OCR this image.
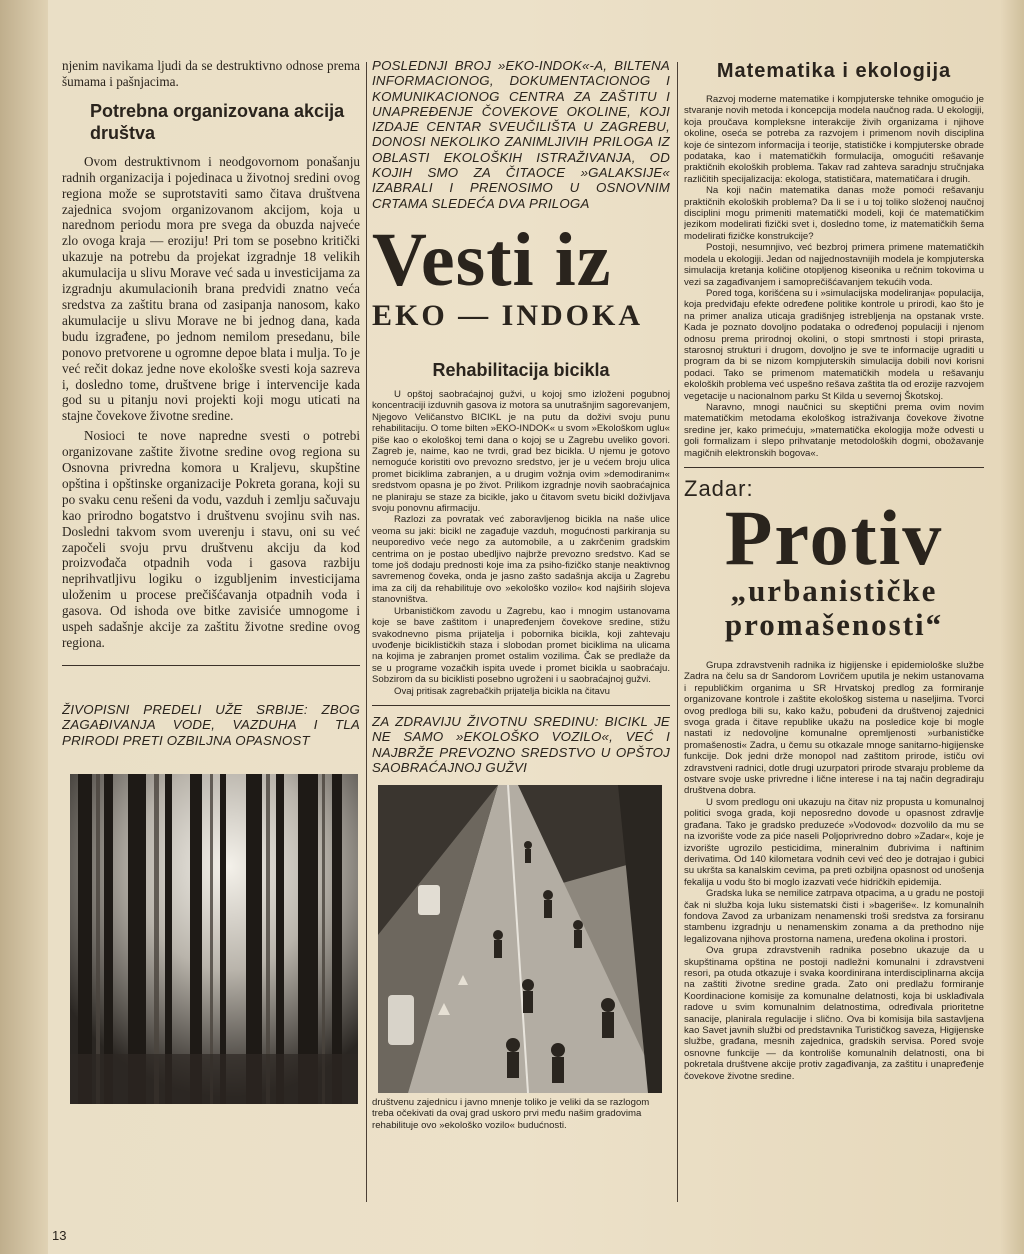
njenim navikama ljudi da se destruktivno odnose prema šumama i pašnjacima.

Potrebna organizovana akcija društva

Ovom destruktivnom i neodgovornom ponašanju radnih organizacija i pojedinaca u životnoj sredini ovog regiona može se suprotstaviti samo čitava društvena zajednica svojom organizovanom akcijom, koja u narednom periodu mora pre svega da obuzda najveće zlo ovoga kraja — eroziju! Pri tom se posebno kritički ukazuje na potrebu da projekat izgradnje 18 velikih akumulacija u slivu Morave već sada u investicijama za izgradnju akumulacionih brana predvidi znatno veća sredstva za zaštitu brana od zasipanja nanosom, kako akumulacije u slivu Morave ne bi jednog dana, kada budu izgrađene, po jednom nemilom presedanu, bile ponovo pretvorene u ogromne depoe blata i mulja. To je već rečit dokaz jedne nove ekološke svesti koja sazreva i, dosledno tome, društvene brige i intervencije kada god su u pitanju novi projekti koji mogu uticati na stajne čovekove životne sredine.

Nosioci te nove napredne svesti o potrebi organizovane zaštite životne sredine ovog regiona su Osnovna privredna komora u Kraljevu, skupštine opština i opštinske organizacije Pokreta gorana, koji su po svaku cenu rešeni da vodu, vazduh i zemlju sačuvaju kao prirodno bogatstvo i društvenu svojinu svih nas. Dosledni takvom svom uverenju i stavu, oni su već započeli svoju prvu društvenu akciju da kod proizvođača otpadnih voda i gasova razbiju neprihvatljivu logiku o izgubljenim investicijama uloženim u procese prečišćavanja otpadnih voda i gasova. Od ishoda ove bitke zavisiće umnogome i uspeh sadašnje akcije za zaštitu životne sredine ovog regiona.

ŽIVOPISNI PREDELI UŽE SRBIJE: ZBOG ZAGAĐIVANJA VODE, VAZDUHA I TLA PRIRODI PRETI OZBILJNA OPASNOST

POSLEDNJI BROJ »EKO-INDOK«-A, BILTENA INFORMACIONOG, DOKUMENTACIONOG I KOMUNIKACIONOG CENTRA ZA ZAŠTITU I UNAPREĐENJE ČOVEKOVE OKOLINE, KOJI IZDAJE CENTAR SVEUČILIŠTA U ZAGREBU, DONOSI NEKOLIKO ZANIMLJIVIH PRILOGA IZ OBLASTI EKOLOŠKIH ISTRAŽIVANJA, OD KOJIH SMO ZA ČITAOCE »GALAKSIJE« IZABRALI I PRENOSIMO U OSNOVNIM CRTAMA SLEDEĆA DVA PRILOGA

Vesti iz
EKO — INDOKA
Rehabilitacija bicikla

U opštoj saobraćajnoj gužvi, u kojoj smo izloženi pogubnoj koncentraciji izduvnih gasova iz motora sa unutrašnjim sagorevanjem, Njegovo Veličanstvo BICIKL je na putu da doživi svoju punu rehabilitaciju. O tome bilten »EKO-INDOK« u svom »Ekološkom uglu« piše kao o ekološkoj temi dana o kojoj se u Zagrebu uveliko govori. Zagreb je, naime, kao ne tvrdi, grad bez bicikla. U njemu je gotovo nemoguće koristiti ovo prevozno sredstvo, jer je u većem broju ulica promet biciklima zabranjen, a u drugim vožnja ovim »demodiranim« sredstvom opasna je po život. Prilikom izgradnje novih saobraćajnica ne planiraju se staze za bicikle, jako u čitavom svetu bicikl doživljava svoju ponovnu afirmaciju.

Razlozi za povratak već zaboravljenog bicikla na naše ulice veoma su jaki: bicikl ne zagađuje vazduh, mogućnosti parkiranja su neuporedivo veće nego za automobile, a u zakrčenim gradskim centrima on je postao ubedljivo najbrže prevozno sredstvo. Kad se tome još dodaju prednosti koje ima za psiho-fizičko stanje neaktivnog savremenog čoveka, onda je jasno zašto sadašnja akcija u Zagrebu ima za cilj da rehabilituje ovo »ekološko vozilo« kod najširih slojeva stanovništva.

Urbanističkom zavodu u Zagrebu, kao i mnogim ustanovama koje se bave zaštitom i unapređenjem čovekove sredine, stižu svakodnevno pisma prijatelja i pobornika bicikla, koji zahtevaju uvođenje biciklističkih staza i slobodan promet biciklima na ulicama na kojima je zabranjen promet ostalim vozilima. Čak se predlaže da se u programe vozačkih ispita uvede i promet bicikla u saobraćaju. Sobzirom da su biciklisti posebno ugroženi i u saobraćajnoj gužvi.

Ovaj pritisak zagrebačkih prijatelja bicikla na čitavu

ZA ZDRAVIJU ŽIVOTNU SREDINU: BICIKL JE NE SAMO »EKOLOŠKO VOZILO«, VEĆ I NAJBRŽE PREVOZNO SREDSTVO U OPŠTOJ SAOBRAĆAJNOJ GUŽVI

društvenu zajednicu i javno mnenje toliko je veliki da se razlogom treba očekivati da ovaj grad uskoro prvi među našim gradovima rehabilituje ovo »ekološko vozilo« budućnosti.

Matematika i ekologija

Razvoj moderne matematike i kompjuterske tehnike omogućio je stvaranje novih metoda i koncepcija modela naučnog rada. U ekologiji, koja proučava kompleksne interakcije živih organizama i njihove okoline, oseća se potreba za razvojem i primenom novih disciplina koje će sintezom informacija i teorije, statističke i kompjuterske obrade podataka, kao i matematičkih formulacija, omogućiti rešavanje praktičnih ekoloških problema. Takav rad zahteva saradnju stručnjaka različitih specijalizacija: ekologa, statističara, matematičara i drugih.

Na koji način matematika danas može pomoći rešavanju praktičnih ekoloških problema? Da li se i u toj toliko složenoj naučnoj disciplini mogu primeniti matematički modeli, koji će matematičkim jezikom modelirati fizički svet i, dosledno tome, iz matematičkih šema modelirati fizičke konstrukcije?

Postoji, nesumnjivo, već bezbroj primera primene matematičkih modela u ekologiji. Jedan od najjednostavnijih modela je kompjuterska simulacija kretanja količine otopljenog kiseonika u rečnim tokovima u vezi sa zagađivanjem i samoprečišćavanjem tekućih voda.

Pored toga, korišćena su i »simulacijska modeliranja« populacija, koja predviđaju efekte određene politike kontrole u prirodi, kao što je na primer analiza uticaja gradišnjeg istrebljenja na opstanak vrste. Kada je poznato dovoljno podataka o određenoj populaciji i njenom odnosu prema prirodnoj okolini, o stopi smrtnosti i stopi prirasta, starosnoj strukturi i drugom, dovoljno je sve te informacije ugraditi u program da bi se nizom kompjuterskih simulacija dobili novi korisni podaci. Tako se primenom matematičkih modela u rešavanju ekoloških problema već uspešno rešava zaštita tla od erozije razvojem vegetacije u nacionalnom parku St Kilda u severnoj Škotskoj.

Naravno, mnogi naučnici su skeptični prema ovim novim matematičkim metodama ekološkog istraživanja čovekove životne sredine jer, kako primećuju, »matematička ekologija može odvesti u goli formalizam i slepo prihvatanje metodoloških dogmi, obožavanje magičnih elektronskih bogova«.

Zadar:
Protiv
„urbanističke
promašenosti“

Grupa zdravstvenih radnika iz higijenske i epidemiološke službe Zadra na čelu sa dr Sandorom Lovričem uputila je nekim ustanovama i republičkim organima u SR Hrvatskoj predlog za formiranje organizovane kontrole i zaštite ekološkog sistema u naseljima. Tvorci ovog predloga bili su, kako kažu, pobuđeni da društvenoj zajednici svoga grada i čitave republike ukažu na posledice koje bi mogle nastati iz nedovoljne komunalne opremljenosti »urbanističke promašenosti« Zadra, u čemu su otkazale mnoge sanitarno-higijenske funkcije. Dok jedni drže monopol nad zaštitom prirode, ističu ovi zdravstveni radnici, dotle drugi uzurpatori prirode stvaraju probleme da ostvare svoje uske privredne i lične interese i na taj način degradiraju društvena dobra.

U svom predlogu oni ukazuju na čitav niz propusta u komunalnoj politici svoga grada, koji neposredno dovode u opasnost zdravlje građana. Tako je gradsko preduzeće »Vodovod« dozvolilo da mu se na izvorište vode za piće naseli Poljoprivredno dobro »Zadar«, koje je izvorište ugrozilo pesticidima, mineralnim đubrivima i naftinim derivatima. Od 140 kilometara vodnih cevi već deo je dotrajao i gubici su ukršta sa kanalskim cevima, pa preti ozbiljna opasnost od unošenja fekalija u vodu što bi moglo izazvati veće hidričkih epidemija.

Gradska luka se nemilice zatrpava otpacima, a u gradu ne postoji čak ni služba koja luku sistematski čisti i »bageriše«. Iz komunalnih fondova Zavod za urbanizam nenamenski troši sredstva za forsiranu stambenu izgradnju u nenamenskim zonama a da prethodno nije legalizovana njihova prostorna namena, uređena okolina i prostori.

Ova grupa zdravstvenih radnika posebno ukazuje da u skupštinama opština ne postoji nadležni komunalni i zdravstveni resori, pa otuda otkazuje i svaka koordinirana interdisciplinarna akcija na zaštiti životne sredine grada. Zato oni predlažu formiranje Koordinacione komisije za komunalne delatnosti, koja bi usklađivala radove u svim komunalnim delatnostima, određivala prioritetne sanacije, planirala regulacije i slično. Ova bi komisija bila sastavljena kao Savet javnih službi od predstavnika Turističkog saveza, Higijenske službe, građana, mesnih zajednica, gradskih servisa. Pored svoje osnovne funkcije — da kontroliše komunalnih delatnosti, ona bi pokretala društvene akcije protiv zagađivanja, za zaštitu i unapređenje čovekove životne sredine.

13
